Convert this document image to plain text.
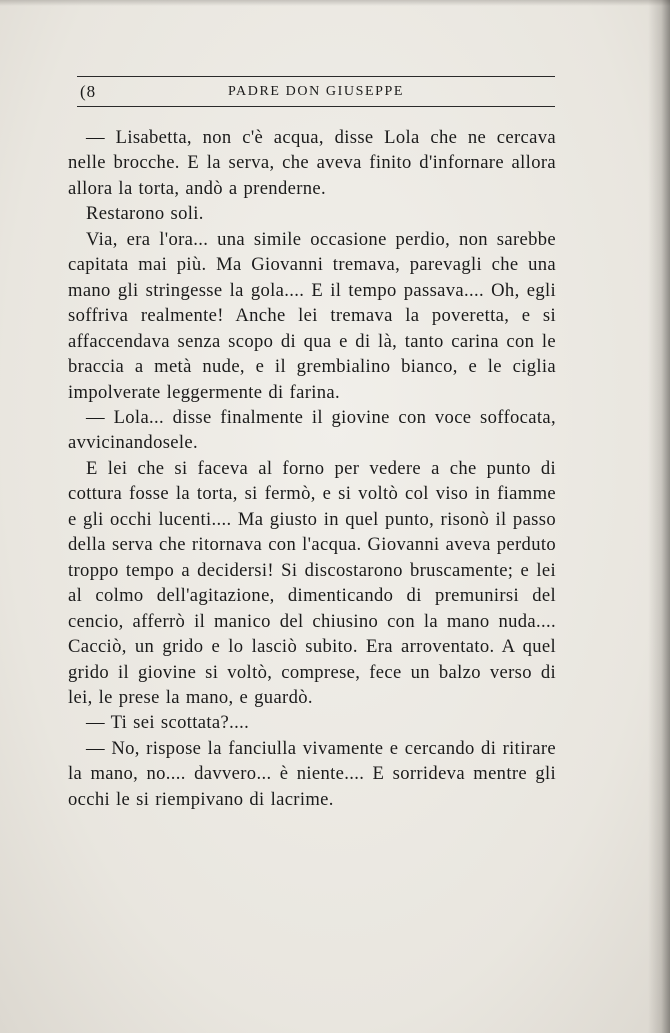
(8	PADRE DON GIUSEPPE

— Lisabetta, non c'è acqua, disse Lola che ne cercava nelle brocche. E la serva, che aveva finito d'infornare allora allora la torta, andò a prenderne.

Restarono soli.

Via, era l'ora... una simile occasione perdio, non sarebbe capitata mai più. Ma Giovanni tremava, parevagli che una mano gli stringesse la gola.... E il tempo passava.... Oh, egli soffriva realmente! Anche lei tremava la poveretta, e si affaccendava senza scopo di qua e di là, tanto carina con le braccia a metà nude, e il grembialino bianco, e le ciglia impolverate leggermente di farina.

— Lola... disse finalmente il giovine con voce soffocata, avvicinandosele.

E lei che si faceva al forno per vedere a che punto di cottura fosse la torta, si fermò, e si voltò col viso in fiamme e gli occhi lucenti.... Ma giusto in quel punto, risonò il passo della serva che ritornava con l'acqua. Giovanni aveva perduto troppo tempo a decidersi! Si discostarono bruscamente; e lei al colmo dell'agitazione, dimenticando di premunirsi del cencio, afferrò il manico del chiusino con la mano nuda.... Cacciò, un grido e lo lasciò subito. Era arroventato. A quel grido il giovine si voltò, comprese, fece un balzo verso di lei, le prese la mano, e guardò.

— Ti sei scottata?....

— No, rispose la fanciulla vivamente e cercando di ritirare la mano, no.... davvero... è niente.... E sorrideva mentre gli occhi le si riempivano di lacrime.
